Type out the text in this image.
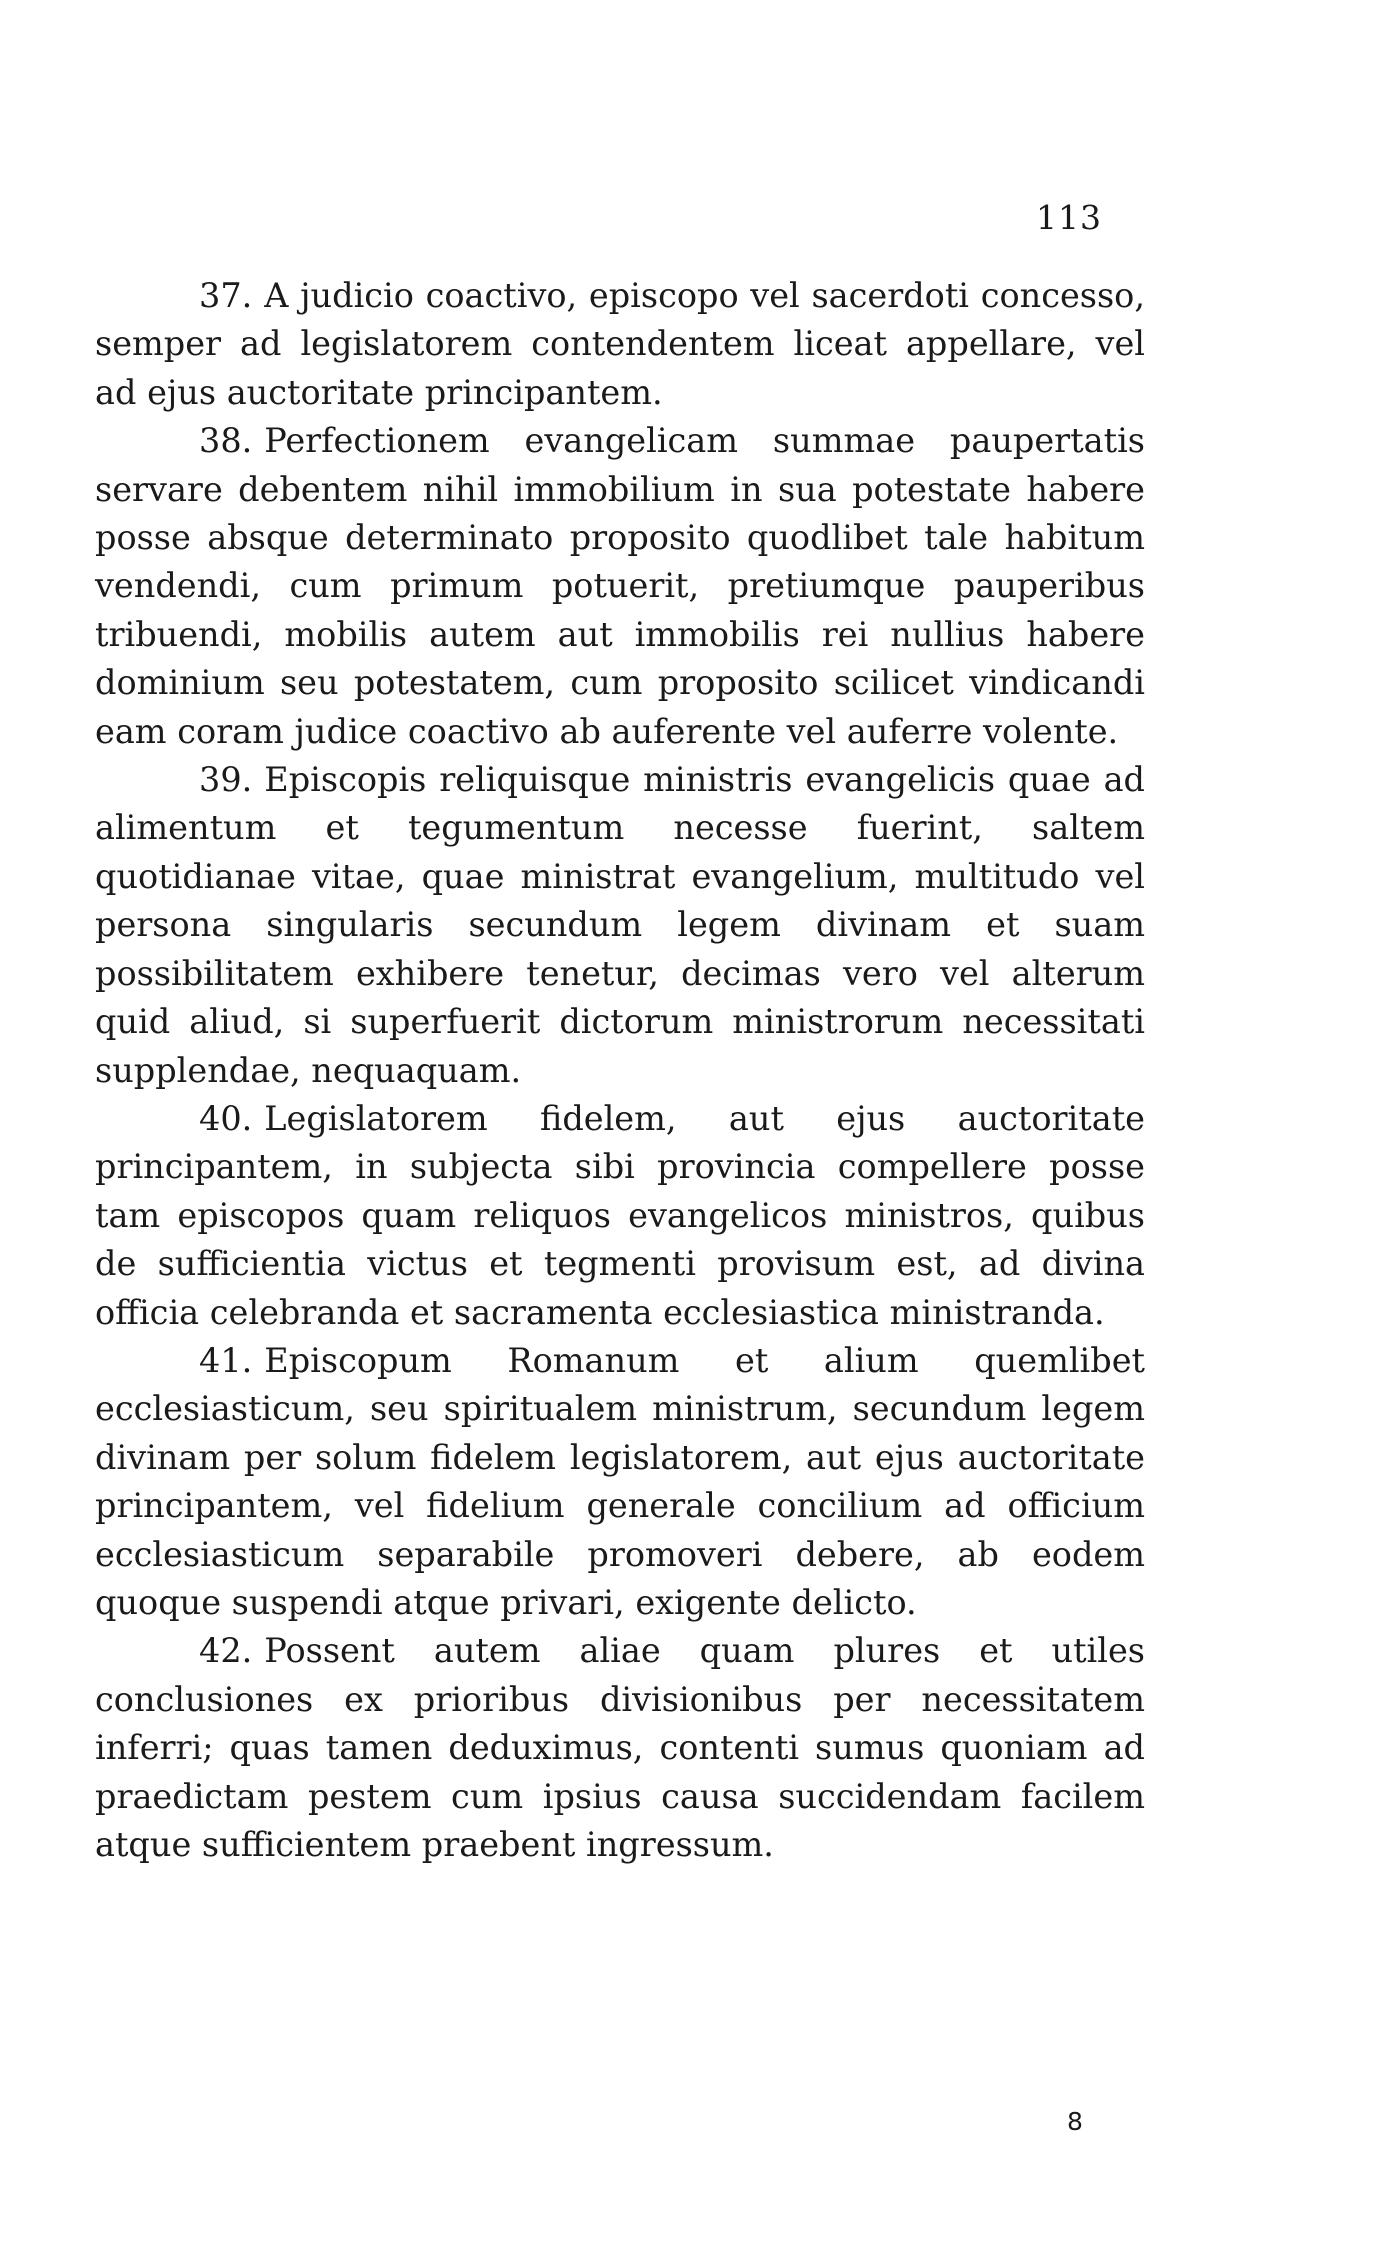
113

37. A judicio coactivo, episcopo vel sacerdoti concesso, semper ad legislatorem contendentem liceat appellare, vel ad ejus auctoritate principantem.

38. Perfectionem evangelicam summae paupertatis servare debentem nihil immobilium in sua potestate habere posse absque determinato proposito quodlibet tale habitum vendendi, cum primum potuerit, pretiumque pauperibus tribuendi, mobilis autem aut immobilis rei nullius habere dominium seu potestatem, cum proposito scilicet vindicandi eam coram judice coactivo ab auferente vel auferre volente.

39. Episcopis reliquisque ministris evangelicis quae ad alimentum et tegumentum necesse fuerint, saltem quotidianae vitae, quae ministrat evangelium, multitudo vel persona singularis secundum legem divinam et suam possibilitatem exhibere tenetur, decimas vero vel alterum quid aliud, si superfuerit dictorum ministrorum necessitati supplendae, nequaquam.

40. Legislatorem fidelem, aut ejus auctoritate principantem, in subjecta sibi provincia compellere posse tam episcopos quam reliquos evangelicos ministros, quibus de sufficientia victus et tegmenti provisum est, ad divina officia celebranda et sacramenta ecclesiastica ministranda.

41. Episcopum Romanum et alium quemlibet ecclesiasticum, seu spiritualem ministrum, secundum legem divinam per solum fidelem legislatorem, aut ejus auctoritate principantem, vel fidelium generale concilium ad officium ecclesiasticum separabile promoveri debere, ab eodem quoque suspendi atque privari, exigente delicto.

42. Possent autem aliae quam plures et utiles conclusiones ex prioribus divisionibus per necessitatem inferri; quas tamen deduximus, contenti sumus quoniam ad praedictam pestem cum ipsius causa succidendam facilem atque sufficientem praebent ingressum.

8
